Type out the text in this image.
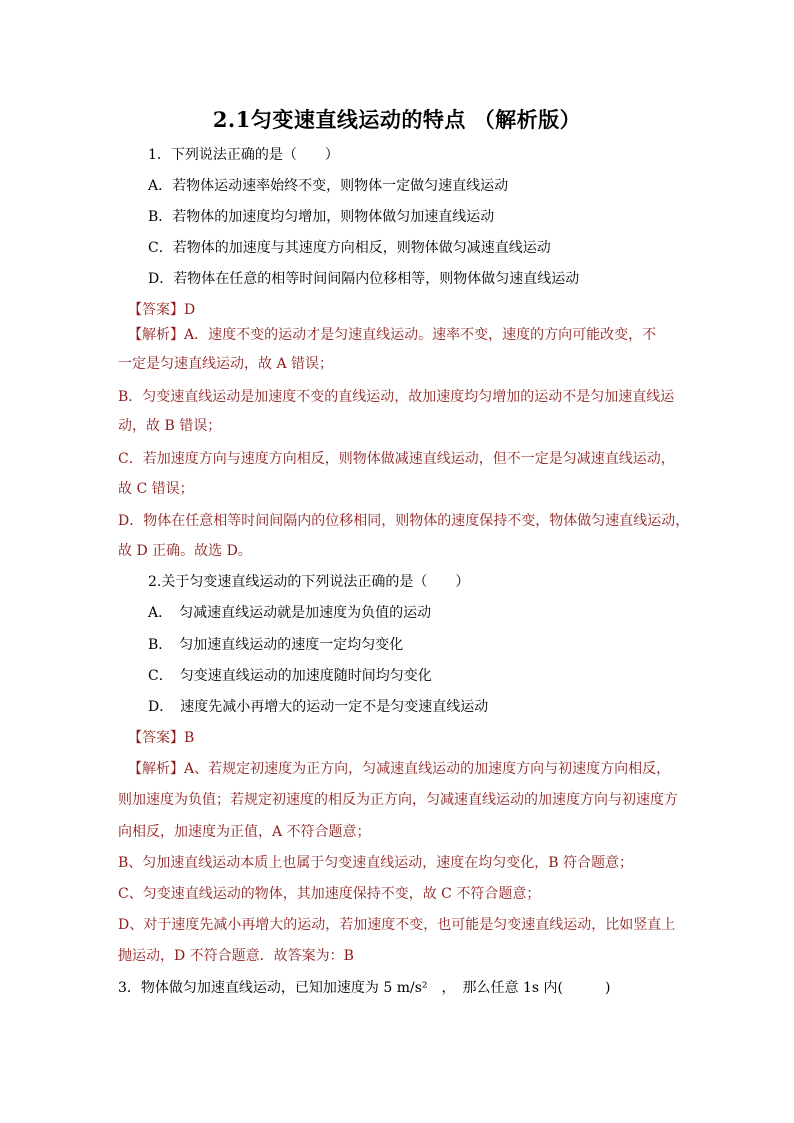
2.1匀变速直线运动的特点 （解析版）
1．下列说法正确的是（　　）
A．若物体运动速率始终不变，则物体一定做匀速直线运动
B．若物体的加速度均匀增加，则物体做匀加速直线运动
C．若物体的加速度与其速度方向相反，则物体做匀减速直线运动
D．若物体在任意的相等时间间隔内位移相等，则物体做匀速直线运动
【答案】D
【解析】A．速度不变的运动才是匀速直线运动。速率不变，速度的方向可能改变，不
一定是匀速直线运动，故 A 错误；
B．匀变速直线运动是加速度不变的直线运动，故加速度均匀增加的运动不是匀加速直线运
动，故 B 错误；
C．若加速度方向与速度方向相反，则物体做减速直线运动，但不一定是匀减速直线运动，
故 C 错误；
D．物体在任意相等时间间隔内的位移相同，则物体的速度保持不变，物体做匀速直线运动，
故 D 正确。故选 D。
2.关于匀变速直线运动的下列说法正确的是（　　）
A．　匀减速直线运动就是加速度为负值的运动
B．　匀加速直线运动的速度一定均匀变化
C．　匀变速直线运动的加速度随时间均匀变化
D．　速度先减小再增大的运动一定不是匀变速直线运动
【答案】B
【解析】A、若规定初速度为正方向，匀减速直线运动的加速度方向与初速度方向相反，
则加速度为负值；若规定初速度的相反为正方向，匀减速直线运动的加速度方向与初速度方
向相反，加速度为正值，A 不符合题意；
B、匀加速直线运动本质上也属于匀变速直线运动，速度在均匀变化，B 符合题意；
C、匀变速直线运动的物体，其加速度保持不变，故 C 不符合题意；
D、对于速度先减小再增大的运动，若加速度不变，也可能是匀变速直线运动，比如竖直上
抛运动，D 不符合题意．故答案为：B
3．物体做匀加速直线运动，已知加速度为 5 m/s²　，　那么任意 1s 内(　　　)
